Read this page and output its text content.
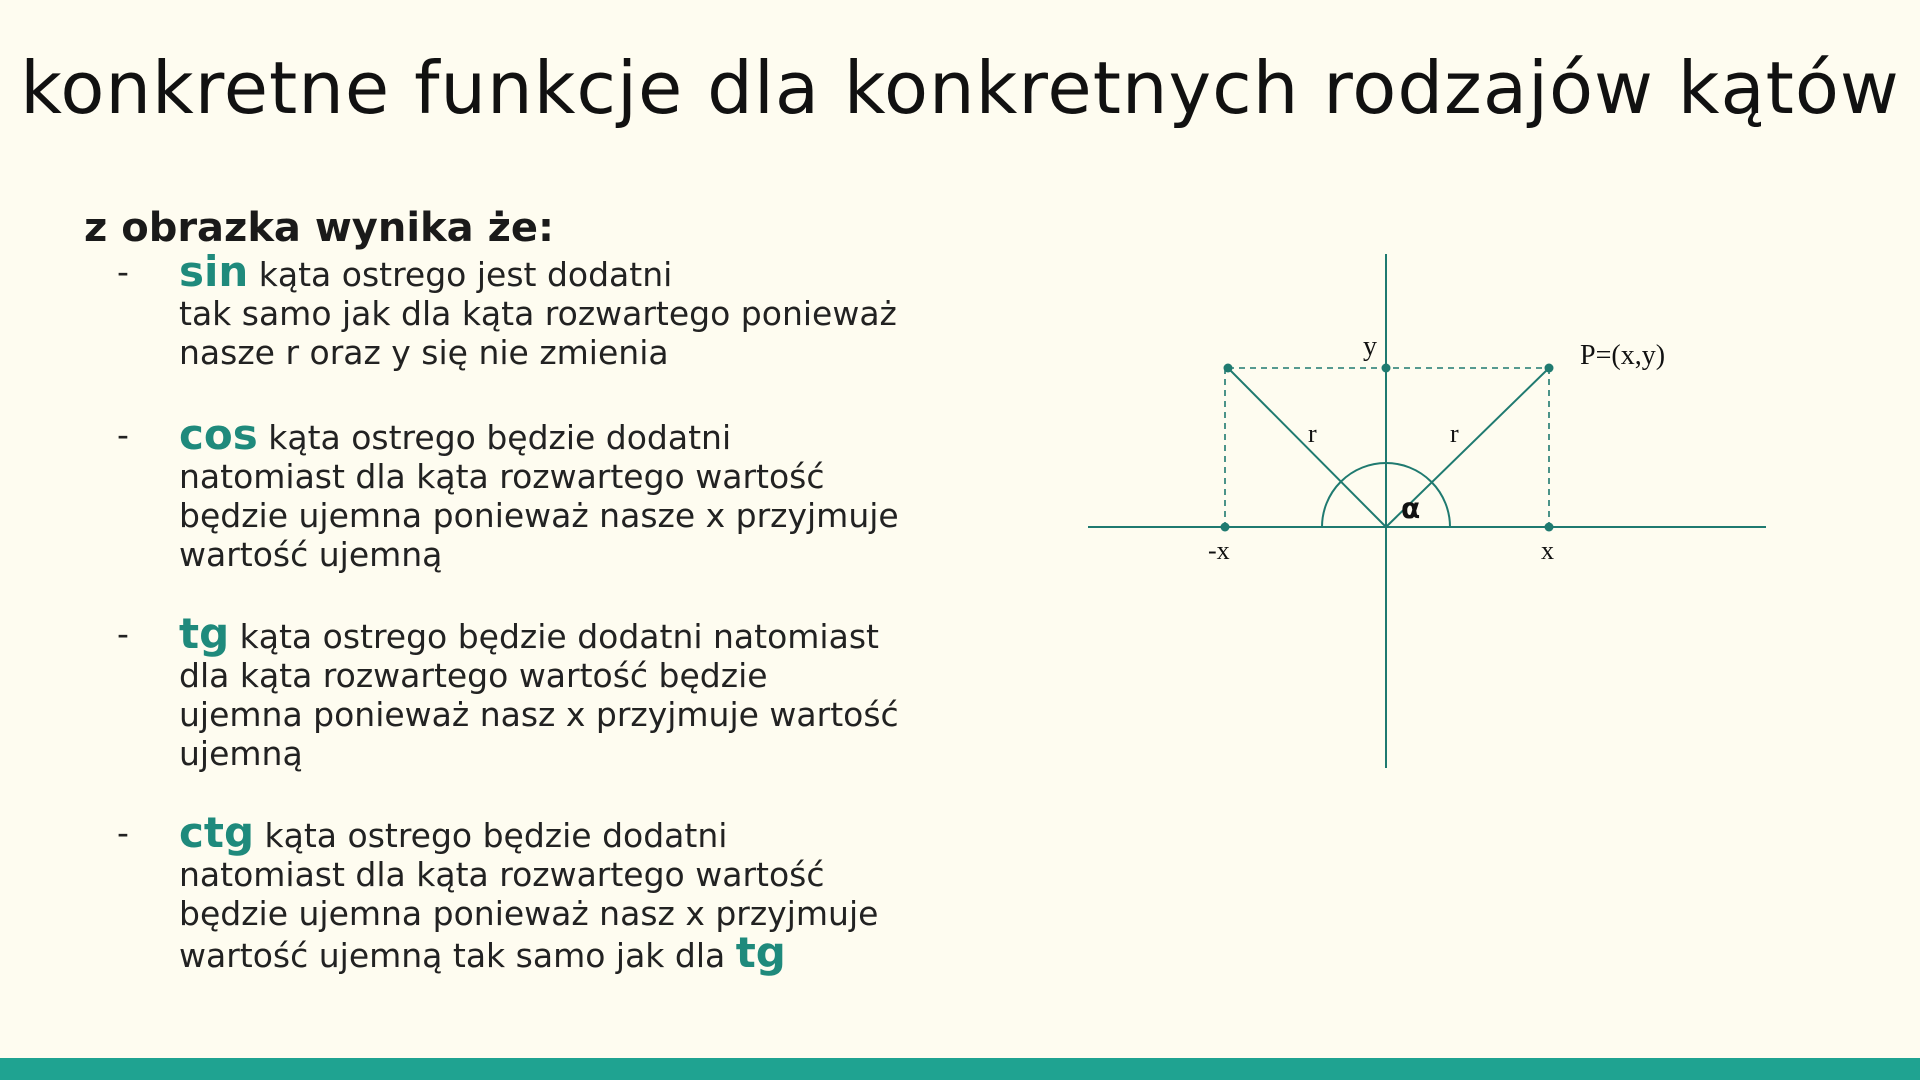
konkretne funkcje dla konkretnych rodzajów kątów
z obrazka wynika że:
- sin kąta ostrego jest dodatni
tak samo jak dla kąta rozwartego ponieważ
nasze r oraz y się nie zmienia
- cos kąta ostrego będzie dodatni
natomiast dla kąta rozwartego wartość
będzie ujemna ponieważ nasze x przyjmuje
wartość ujemną
- tg kąta ostrego będzie dodatni natomiast
dla kąta rozwartego wartość będzie
ujemna ponieważ nasz x przyjmuje wartość
ujemną
- ctg kąta ostrego będzie dodatni
natomiast dla kąta rozwartego wartość
będzie ujemna ponieważ nasz x przyjmuje
wartość ujemną tak samo jak dla tg
y	P=(x,y)
r	r
α
-x	x
